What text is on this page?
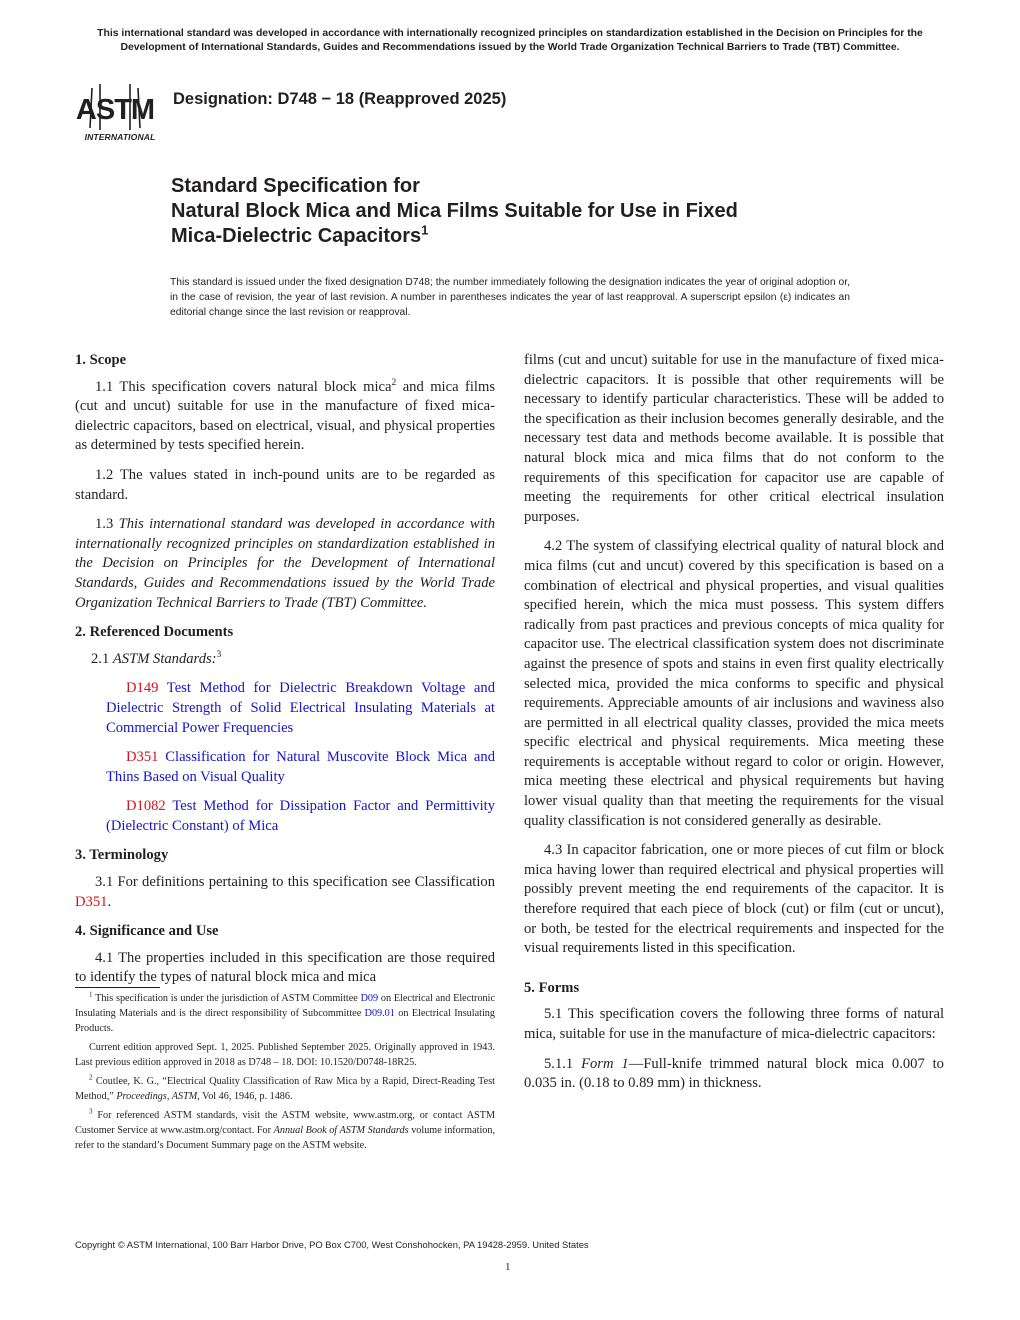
This international standard was developed in accordance with internationally recognized principles on standardization established in the Decision on Principles for the Development of International Standards, Guides and Recommendations issued by the World Trade Organization Technical Barriers to Trade (TBT) Committee.
ASTM
INTERNATIONAL
Designation: D748 − 18 (Reapproved 2025)
Standard Specification for
Natural Block Mica and Mica Films Suitable for Use in Fixed
Mica-Dielectric Capacitors$^1$
This standard is issued under the fixed designation D748; the number immediately following the designation indicates the year of original adoption or, in the case of revision, the year of last revision. A number in parentheses indicates the year of last reapproval. A superscript epsilon (ε) indicates an editorial change since the last revision or reapproval.
1. Scope

1.1 This specification covers natural block mica$^2$ and mica films (cut and uncut) suitable for use in the manufacture of fixed mica-dielectric capacitors, based on electrical, visual, and physical properties as determined by tests specified herein.

1.2 The values stated in inch-pound units are to be regarded as standard.

1.3 This international standard was developed in accordance with internationally recognized principles on standardization established in the Decision on Principles for the Development of International Standards, Guides and Recommendations issued by the World Trade Organization Technical Barriers to Trade (TBT) Committee.

2. Referenced Documents

2.1 ASTM Standards:$^3$

D149 Test Method for Dielectric Breakdown Voltage and Dielectric Strength of Solid Electrical Insulating Materials at Commercial Power Frequencies

D351 Classification for Natural Muscovite Block Mica and Thins Based on Visual Quality

D1082 Test Method for Dissipation Factor and Permittivity (Dielectric Constant) of Mica

3. Terminology

3.1 For definitions pertaining to this specification see Classification D351.

4. Significance and Use

4.1 The properties included in this specification are those required to identify the types of natural block mica and mica

$^1$ This specification is under the jurisdiction of ASTM Committee D09 on Electrical and Electronic Insulating Materials and is the direct responsibility of Subcommittee D09.01 on Electrical Insulating Products.

Current edition approved Sept. 1, 2025. Published September 2025. Originally approved in 1943. Last previous edition approved in 2018 as D748 – 18. DOI: 10.1520/D0748-18R25.

$^2$ Coutlee, K. G., “Electrical Quality Classification of Raw Mica by a Rapid, Direct-Reading Test Method,” Proceedings, ASTM, Vol 46, 1946, p. 1486.

$^3$ For referenced ASTM standards, visit the ASTM website, www.astm.org, or contact ASTM Customer Service at www.astm.org/contact. For Annual Book of ASTM Standards volume information, refer to the standard’s Document Summary page on the ASTM website.

films (cut and uncut) suitable for use in the manufacture of fixed mica-dielectric capacitors. It is possible that other requirements will be necessary to identify particular characteristics. These will be added to the specification as their inclusion becomes generally desirable, and the necessary test data and methods become available. It is possible that natural block mica and mica films that do not conform to the requirements of this specification for capacitor use are capable of meeting the requirements for other critical electrical insulation purposes.

4.2 The system of classifying electrical quality of natural block and mica films (cut and uncut) covered by this specification is based on a combination of electrical and physical properties, and visual qualities specified herein, which the mica must possess. This system differs radically from past practices and previous concepts of mica quality for capacitor use. The electrical classification system does not discriminate against the presence of spots and stains in even first quality electrically selected mica, provided the mica conforms to specific and physical requirements. Appreciable amounts of air inclusions and waviness also are permitted in all electrical quality classes, provided the mica meets specific electrical and physical requirements. Mica meeting these requirements is acceptable without regard to color or origin. However, mica meeting these electrical and physical requirements but having lower visual quality than that meeting the requirements for the visual quality classification is not considered generally as desirable.

4.3 In capacitor fabrication, one or more pieces of cut film or block mica having lower than required electrical and physical properties will possibly prevent meeting the end requirements of the capacitor. It is therefore required that each piece of block (cut) or film (cut or uncut), or both, be tested for the electrical requirements and inspected for the visual requirements listed in this specification.

5. Forms

5.1 This specification covers the following three forms of natural mica, suitable for use in the manufacture of mica-dielectric capacitors:

5.1.1 Form 1—Full-knife trimmed natural block mica 0.007 to 0.035 in. (0.18 to 0.89 mm) in thickness.

Copyright © ASTM International, 100 Barr Harbor Drive, PO Box C700, West Conshohocken, PA 19428-2959. United States
1
